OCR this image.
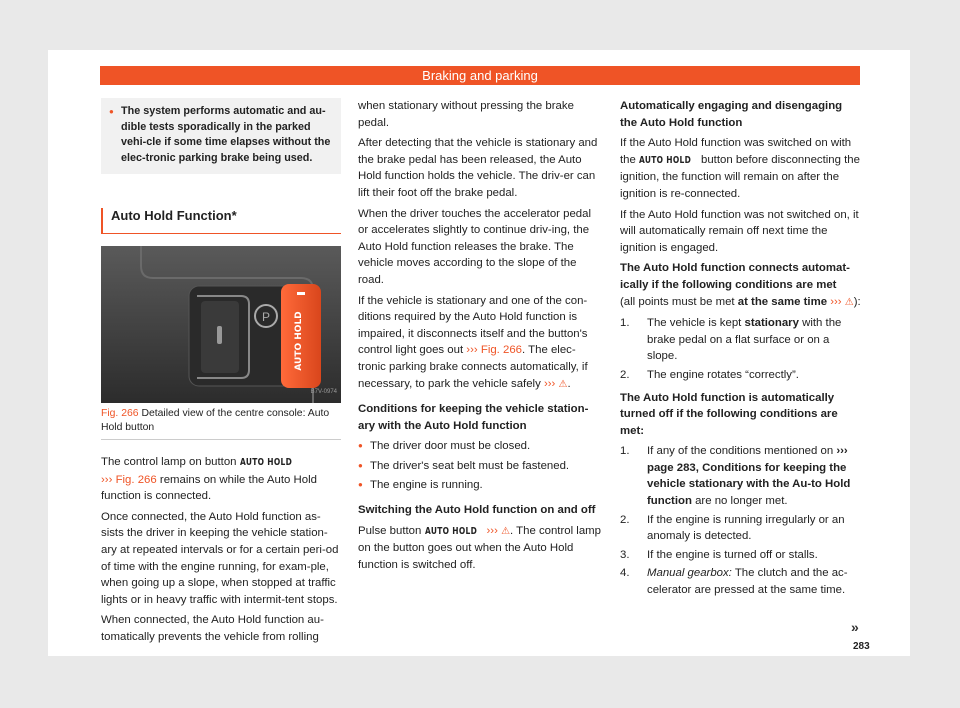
Braking and parking
● The system performs automatic and au-dible tests sporadically in the parked vehi-cle if some time elapses without the elec-tronic parking brake being used.
Auto Hold Function*
P	AUTO HOLD
B7V-0974
Fig. 266 Detailed view of the centre console: Auto Hold button

The control lamp on button AUTO HOLD
››› Fig. 266 remains on while the Auto Hold function is connected.

Once connected, the Auto Hold function as-sists the driver in keeping the vehicle station-ary at repeated intervals or for a certain peri-od of time with the engine running, for exam-ple, when going up a slope, when stopped at traffic lights or in heavy traffic with intermit-tent stops.

When connected, the Auto Hold function au-tomatically prevents the vehicle from rolling

when stationary without pressing the brake pedal.

After detecting that the vehicle is stationary and the brake pedal has been released, the Auto Hold function holds the vehicle. The driv-er can lift their foot off the brake pedal.

When the driver touches the accelerator pedal or accelerates slightly to continue driv-ing, the Auto Hold function releases the brake. The vehicle moves according to the slope of the road.

If the vehicle is stationary and one of the con-ditions required by the Auto Hold function is impaired, it disconnects itself and the button's control light goes out ››› Fig. 266. The elec-tronic parking brake connects automatically, if necessary, to park the vehicle safely ››› ⚠.

Conditions for keeping the vehicle station-ary with the Auto Hold function

● The driver door must be closed.
● The driver's seat belt must be fastened.
● The engine is running.

Switching the Auto Hold function on and off

Pulse button AUTO HOLD ››› ⚠. The control lamp on the button goes out when the Auto Hold function is switched off.

Automatically engaging and disengaging the Auto Hold function

If the Auto Hold function was switched on with the AUTO HOLD button before disconnecting the ignition, the function will remain on after the ignition is re-connected.

If the Auto Hold function was not switched on, it will automatically remain off next time the ignition is engaged.

The Auto Hold function connects automat-ically if the following conditions are met

(all points must be met at the same time ››› ⚠):

1. The vehicle is kept stationary with the brake pedal on a flat surface or on a slope.
2. The engine rotates “correctly”.

The Auto Hold function is automatically turned off if the following conditions are met:

1. If any of the conditions mentioned on ››› page 283, Conditions for keeping the vehicle stationary with the Au-to Hold function are no longer met.
2. If the engine is running irregularly or an anomaly is detected.
3. If the engine is turned off or stalls.
4. Manual gearbox: The clutch and the ac-celerator are pressed at the same time.
»
283
